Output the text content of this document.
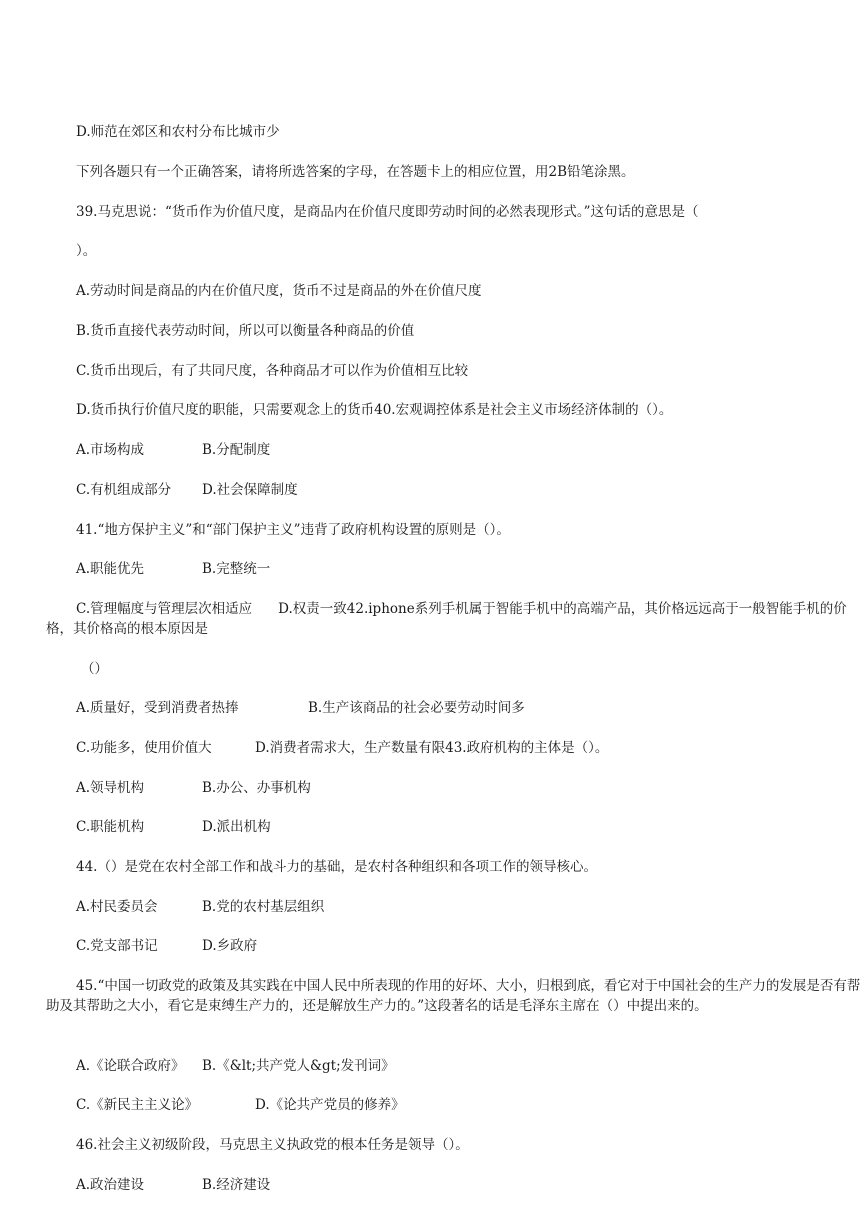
D.师范在郊区和农村分布比城市少
下列各题只有一个正确答案，请将所选答案的字母，在答题卡上的相应位置，用2B铅笔涂黑。
39.马克思说：“货币作为价值尺度，是商品内在价值尺度即劳动时间的必然表现形式。”这句话的意思是（
）。
A.劳动时间是商品的内在价值尺度，货币不过是商品的外在价值尺度
B.货币直接代表劳动时间，所以可以衡量各种商品的价值
C.货币出现后，有了共同尺度，各种商品才可以作为价值相互比较
D.货币执行价值尺度的职能，只需要观念上的货币40.宏观调控体系是社会主义市场经济体制的（）。
A.市场构成	B.分配制度
C.有机组成部分 D.社会保障制度
41.“地方保护主义”和“部门保护主义”违背了政府机构设置的原则是（）。
A.职能优先	B.完整统一
C.管理幅度与管理层次相适应 D.权责一致42.iphone系列手机属于智能手机中的高端产品，其价格远远高于一般智能手机的价格，其价格高的根本原因是
（）
A.质量好，受到消费者热捧	B.生产该商品的社会必要劳动时间多
C.功能多，使用价值大	D.消费者需求大，生产数量有限43.政府机构的主体是（）。
A.领导机构	B.办公、办事机构
C.职能机构	D.派出机构
44.（）是党在农村全部工作和战斗力的基础，是农村各种组织和各项工作的领导核心。
A.村民委员会	B.党的农村基层组织
C.党支部书记	D.乡政府
45.“中国一切政党的政策及其实践在中国人民中所表现的作用的好坏、大小，归根到底，看它对于中国社会的生产力的发展是否有帮助及其帮助之大小，看它是束缚生产力的，还是解放生产力的。”这段著名的话是毛泽东主席在（）中提出来的。
A.《论联合政府》 B.《&lt;共产党人&gt;发刊词》
C.《新民主主义论》	D.《论共产党员的修养》
46.社会主义初级阶段，马克思主义执政党的根本任务是领导（）。
A.政治建设	B.经济建设
